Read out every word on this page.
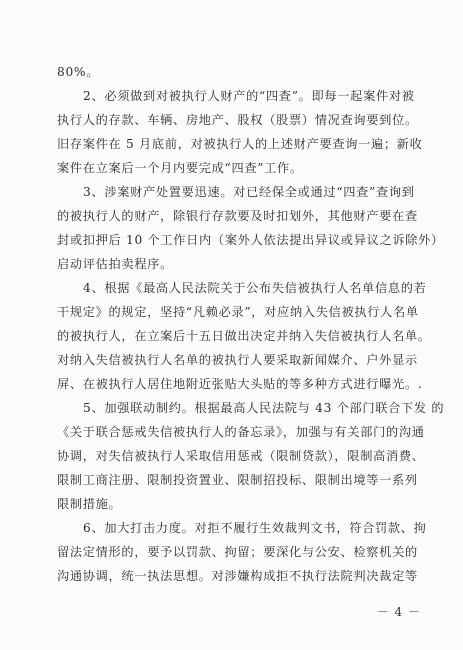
80%。
2、必须做到对被执行人财产的“四查”。即每一起案件对被
执行人的存款、车辆、房地产、股权（股票）情况查询要到位。
旧存案件在 5 月底前，对被执行人的上述财产要查询一遍；新收
案件在立案后一个月内要完成“四查”工作。
3、涉案财产处置要迅速。对已经保全或通过“四查”查询到
的被执行人的财产，除银行存款要及时扣划外，其他财产要在查
封或扣押后 10 个工作日内（案外人依法提出异议或异议之诉除外）
启动评估拍卖程序。
4、根据《最高人民法院关于公布失信被执行人名单信息的若
干规定》的规定，坚持“凡赖必录”，对应纳入失信被执行人名单
的被执行人，在立案后十五日做出决定并纳入失信被执行人名单。
对纳入失信被执行人名单的被执行人要采取新闻媒介、户外显示
屏、在被执行人居住地附近张贴大头贴的等多种方式进行曝光。.
5、加强联动制约。根据最高人民法院与 43 个部门联合下发 的
《关于联合惩戒失信被执行人的备忘录》，加强与有关部门的沟通
协调，对失信被执行人采取信用惩戒（限制贷款），限制高消费、
限制工商注册、限制投资置业、限制招投标、限制出境等一系列
限制措施。
6、加大打击力度。对拒不履行生效裁判文书，符合罚款、拘
留法定情形的，要予以罚款、拘留；要深化与公安、检察机关的
沟通协调，统一执法思想。对涉嫌构成拒不执行法院判决裁定等
－ 4 －
